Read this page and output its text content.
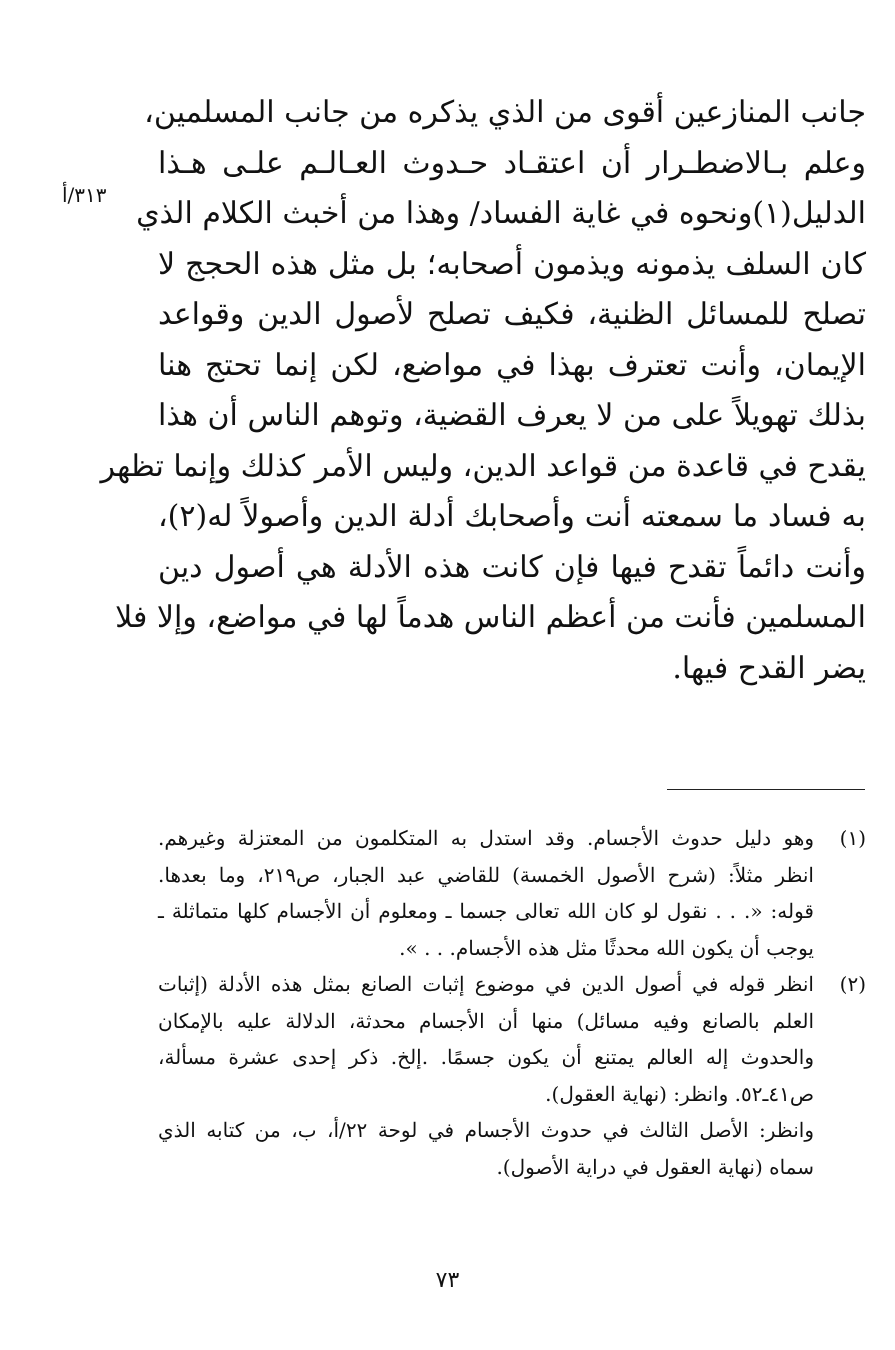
٣١٣/أ
جانب المنازعين أقوى من الذي يذكره من جانب المسلمين،
وعلم بـالاضطـرار أن اعتقـاد حـدوث العـالـم علـى هـذا
الدليل(١)ونحوه في غاية الفساد/ وهذا من أخبث الكلام الذي
كان السلف يذمونه ويذمون أصحابه؛ بل مثل هذه الحجج لا
تصلح للمسائل الظنية، فكيف تصلح لأصول الدين وقواعد
الإيمان، وأنت تعترف بهذا في مواضع، لكن إنما تحتج هنا
بذلك تهويلاً على من لا يعرف القضية، وتوهم الناس أن هذا
يقدح في قاعدة من قواعد الدين، وليس الأمر كذلك وإنما تظهر
به فساد ما سمعته أنت وأصحابك أدلة الدين وأصولاً له(٢)،
وأنت دائماً تقدح فيها فإن كانت هذه الأدلة هي أصول دين
المسلمين فأنت من أعظم الناس هدماً لها في مواضع، وإلا فلا
يضر القدح فيها.
(١)
وهو دليل حدوث الأجسام. وقد استدل به المتكلمون من المعتزلة وغيرهم.
انظر مثلاً: (شرح الأصول الخمسة) للقاضي عبد الجبار، ص٢١٩، وما بعدها.
قوله: «. . . نقول لو كان الله تعالى جسما ـ ومعلوم أن الأجسام كلها متماثلة ـ
يوجب أن يكون الله محدثًا مثل هذه الأجسام. . . ».
(٢)
انظر قوله في أصول الدين في موضوع إثبات الصانع بمثل هذه الأدلة (إثبات
العلم بالصانع وفيه مسائل) منها أن الأجسام محدثة، الدلالة عليه بالإمكان
والحدوث إله العالم يمتنع أن يكون جسمًا. .إلخ. ذكر إحدى عشرة مسألة،
ص٤١ـ٥٢. وانظر: (نهاية العقول).
وانظر: الأصل الثالث في حدوث الأجسام في لوحة ٢٢/أ، ب، من كتابه الذي
سماه (نهاية العقول في دراية الأصول).
٧٣
